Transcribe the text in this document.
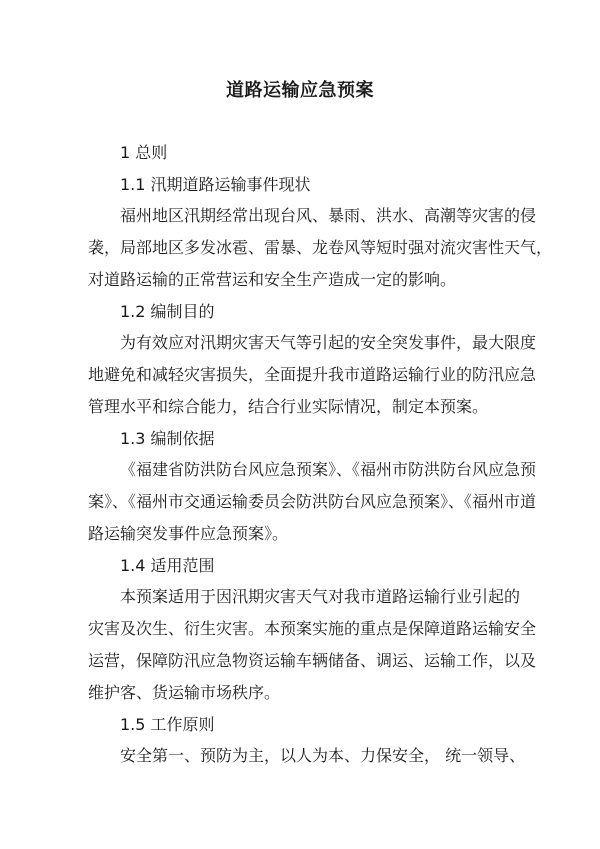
道路运输应急预案
1 总则
1.1 汛期道路运输事件现状
福州地区汛期经常出现台风、暴雨、洪水、高潮等灾害的侵
袭，局部地区多发冰雹、雷暴、龙卷风等短时强对流灾害性天气，
对道路运输的正常营运和安全生产造成一定的影响。
1.2 编制目的
为有效应对汛期灾害天气等引起的安全突发事件，最大限度
地避免和减轻灾害损失，全面提升我市道路运输行业的防汛应急
管理水平和综合能力，结合行业实际情况，制定本预案。
1.3 编制依据
《福建省防洪防台风应急预案》、《福州市防洪防台风应急预
案》、《福州市交通运输委员会防洪防台风应急预案》、《福州市道
路运输突发事件应急预案》。
1.4 适用范围
本预案适用于因汛期灾害天气对我市道路运输行业引起的
灾害及次生、衍生灾害。本预案实施的重点是保障道路运输安全
运营，保障防汛应急物资运输车辆储备、调运、运输工作，以及
维护客、货运输市场秩序。
1.5 工作原则
安全第一、预防为主，以人为本、力保安全， 统一领导、
